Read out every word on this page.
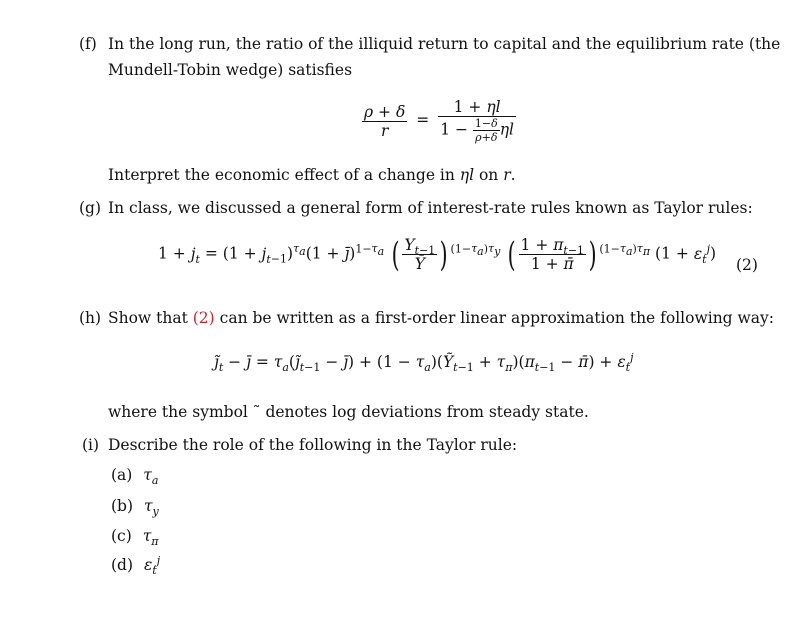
(f) In the long run, the ratio of the illiquid return to capital and the equilibrium rate (the
Mundell-Tobin wedge) satisfies
$\frac{\rho + \delta}{r} = \frac{1 + \eta l}{1 - \frac{1-\delta}{\rho+\delta} \eta l}$
Interpret the economic effect of a change in ηl on r.
(g) In class, we discussed a general form of interest-rate rules known as Taylor rules:
$1 + j_t = (1 + j_{t-1})^{\tau_a}(1$ + j̄)$^{1-\tau_a}$ ( $\frac{Y_{t-1}}{Ȳ}$ ) $^{(1-\tau_a)\tau_y}$ ( $\frac{1 + \pi_{t-1}}{1 + \pī}$ ) $^{(1-\tau_a)\tau_\pi}$ $(1 + \varepsilon_t^j)$
(2)
(h) Show that (2) can be written as a first-order linear approximation the following way:
$j̃_t$ − j̄ = $\tau_a(j̃_{t-1}$ − j̄) + $(1 - \tau_a)(Ỹ_{t-1} + \tau_\pi)(\pi_{t-1}$ − π̄) + $\varepsilon_t^j$
where the symbol ˜ denotes log deviations from steady state.
(i) Describe the role of the following in the Taylor rule:
(a) $\tau_a$
(b) $\tau_y$
(c) $\tau_\pi$
(d) $\varepsilon_t^j$
